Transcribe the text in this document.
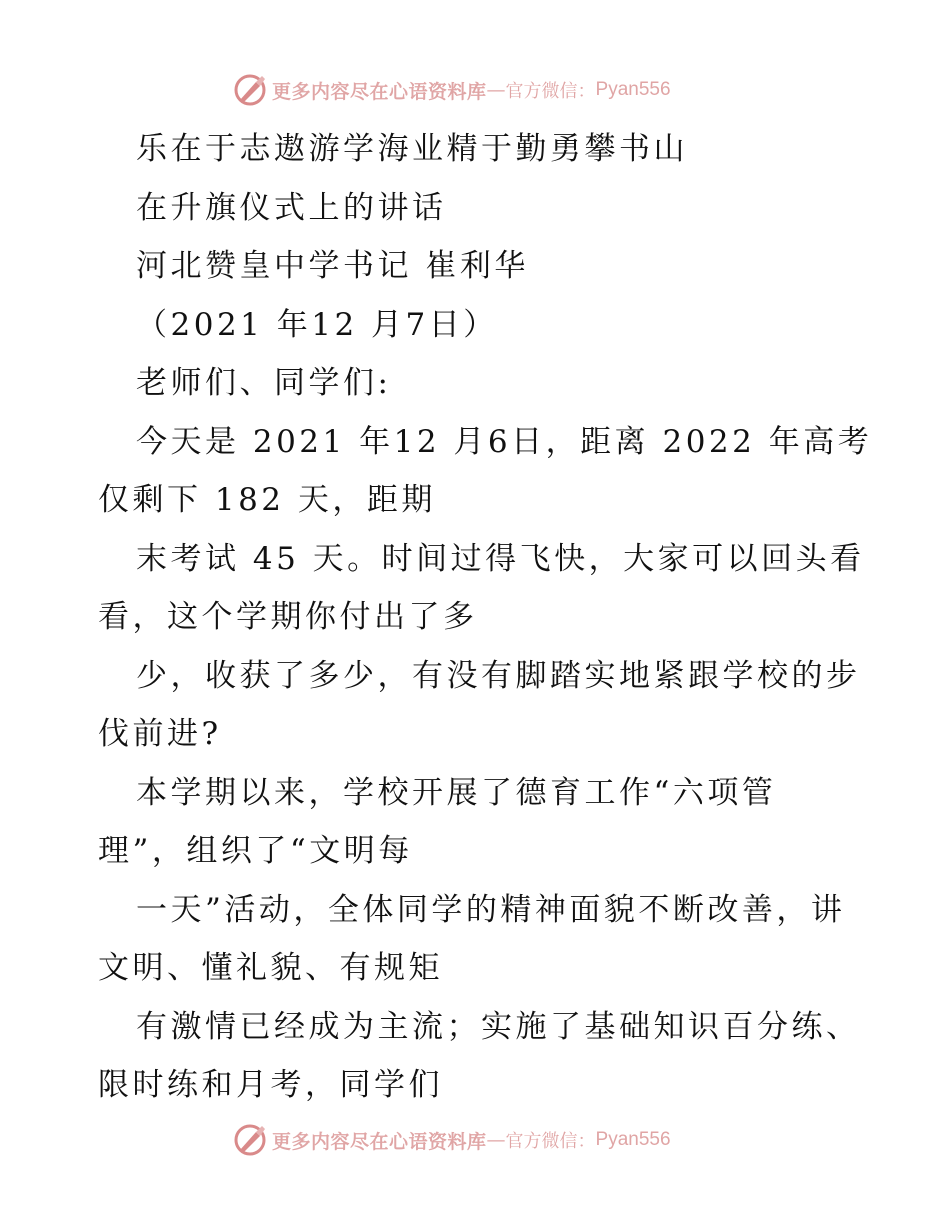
更多内容尽在心语资料库 — 官方微信： Pyan556
乐在于志遨游学海业精于勤勇攀书山
在升旗仪式上的讲话
河北赞皇中学书记 崔利华
（2021 年12 月7日）
老师们、同学们:
今天是 2021 年12 月6日，距离 2022 年高考
仅剩下 182 天，距期
末考试 45 天。时间过得飞快，大家可以回头看
看，这个学期你付出了多
少，收获了多少，有没有脚踏实地紧跟学校的步
伐前进?
本学期以来，学校开展了德育工作“六项管
理”，组织了“文明每
一天”活动，全体同学的精神面貌不断改善，讲
文明、懂礼貌、有规矩
有激情已经成为主流；实施了基础知识百分练、
限时练和月考，同学们
更多内容尽在心语资料库 — 官方微信： Pyan556
